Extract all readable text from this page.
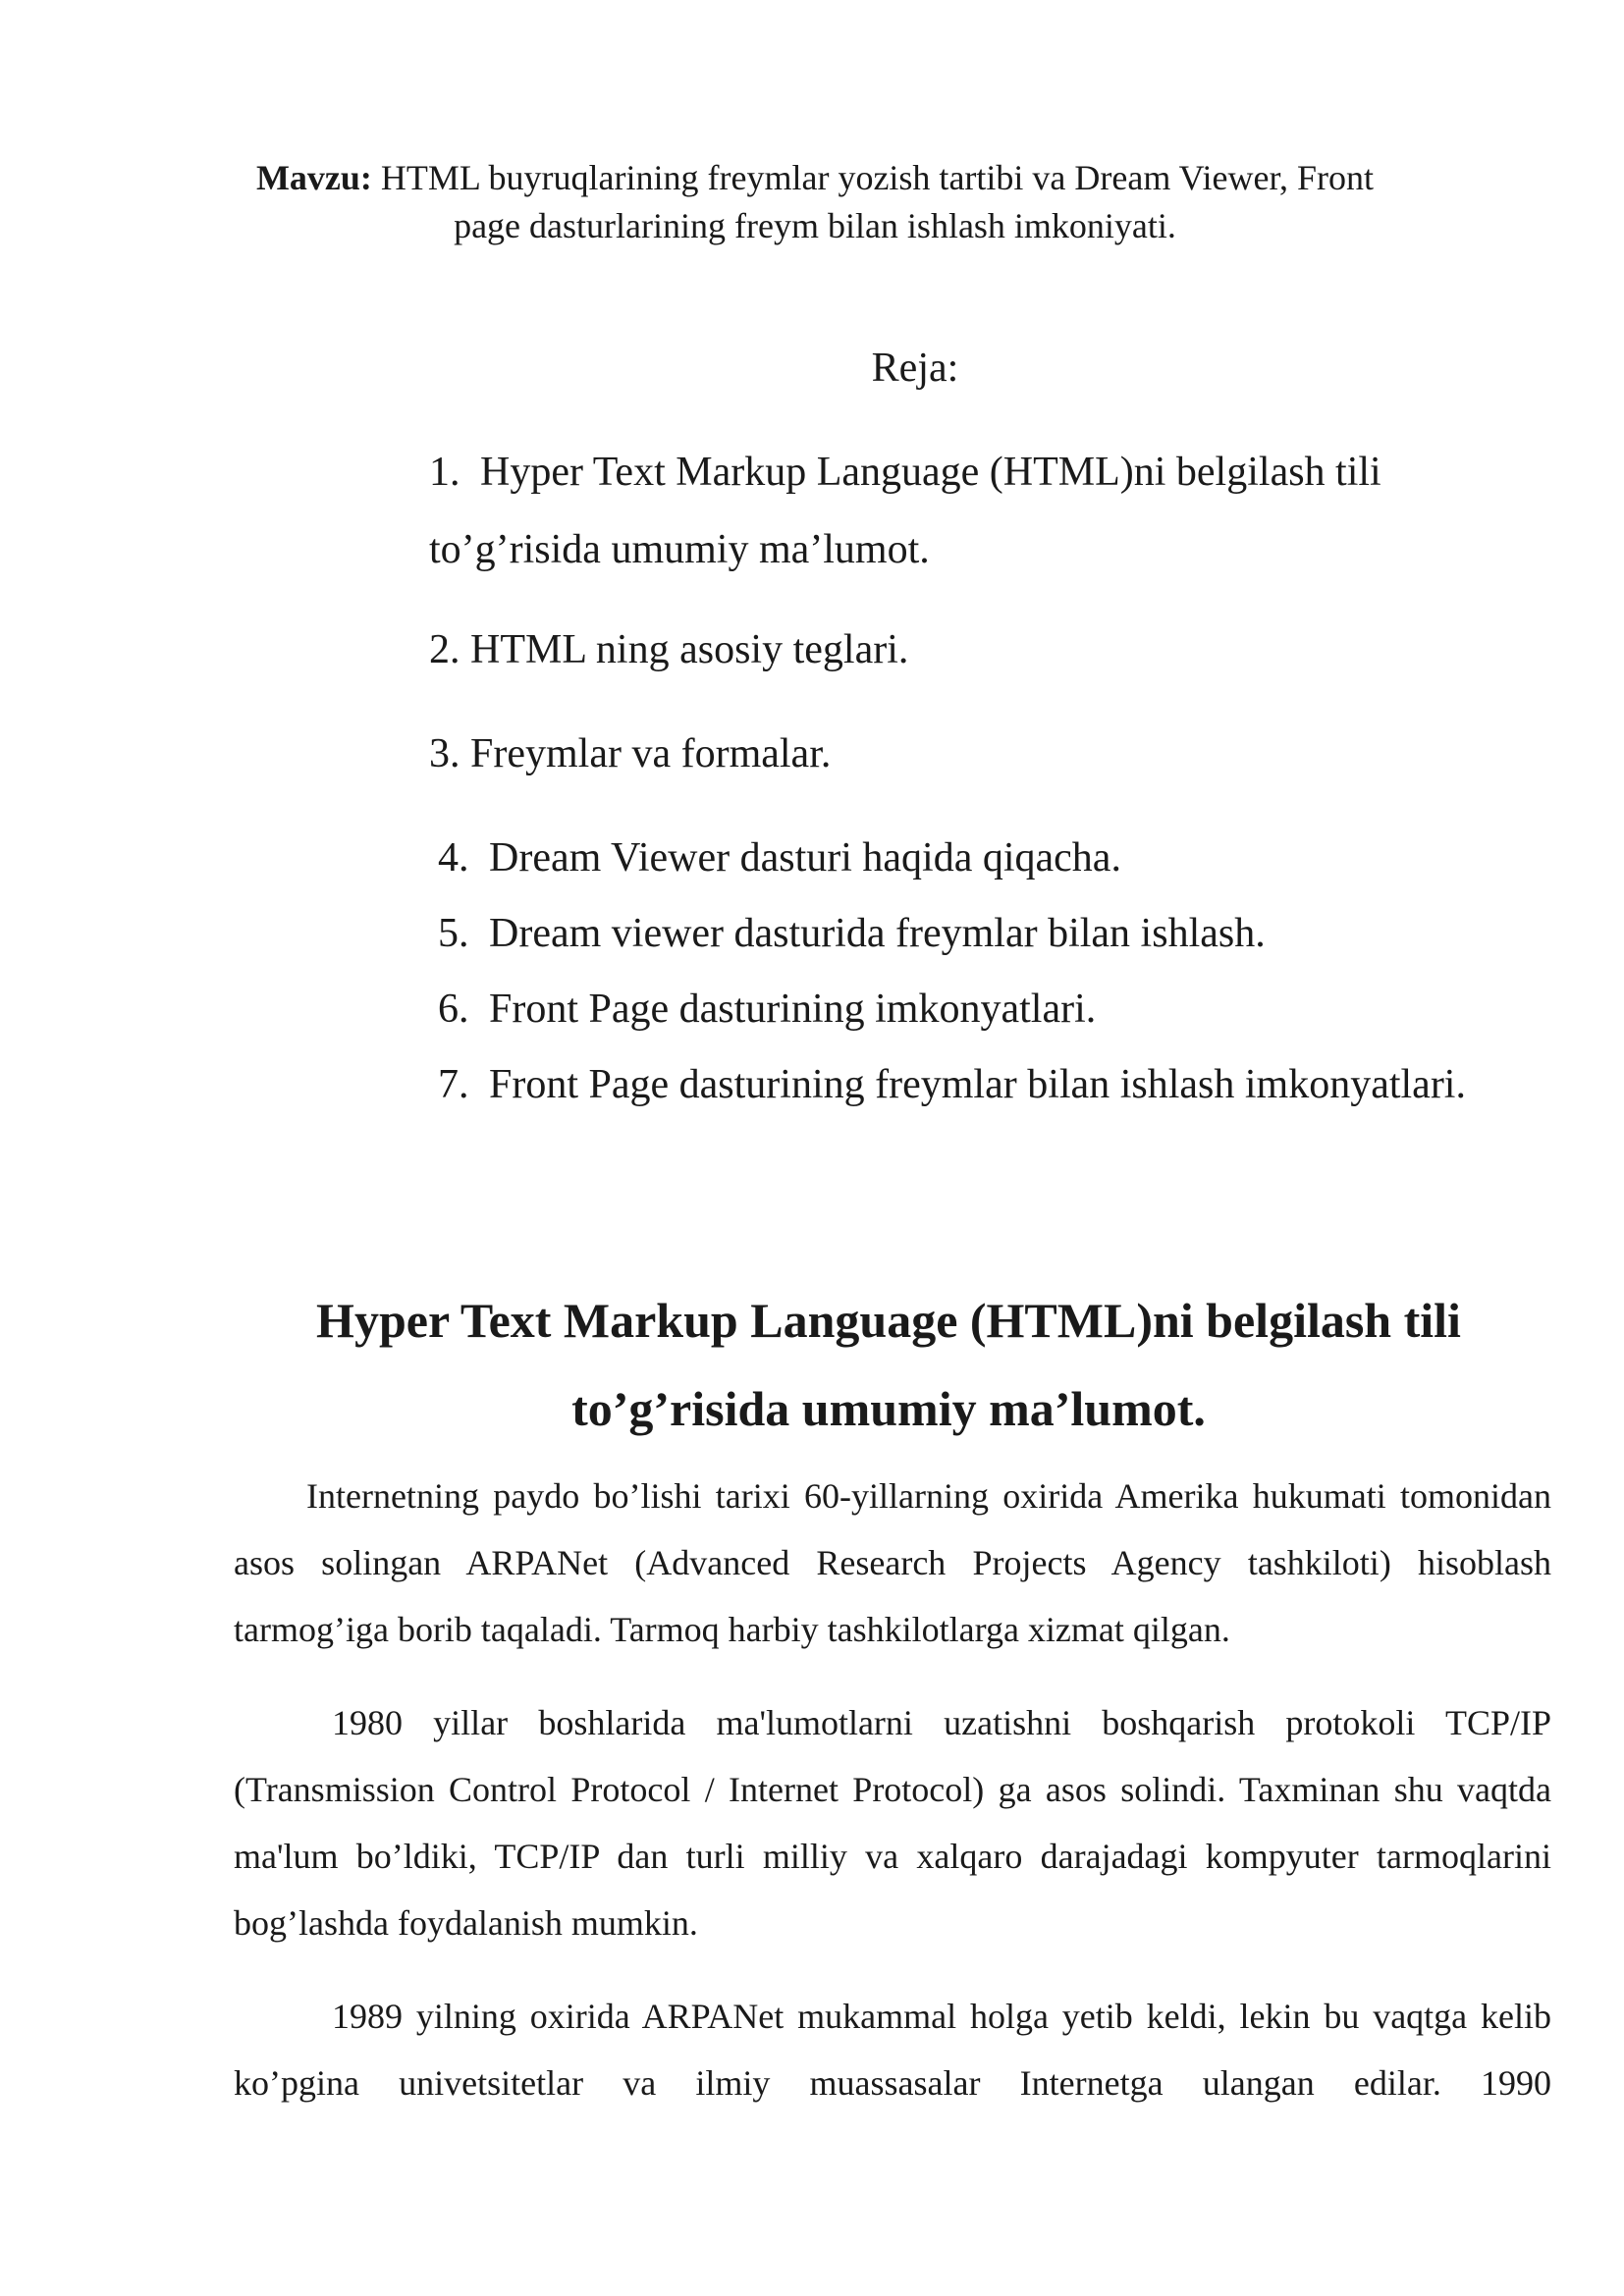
Mavzu: HTML buyruqlarining freymlar yozish tartibi va Dream Viewer, Front page dasturlarining freym bilan ishlash imkoniyati.
Reja:
1. Hyper Text Markup Language (HTML)ni belgilash tili
to’g’risida umumiy ma’lumot.
2. HTML ning asosiy teglari.
3. Freymlar va formalar.
4. Dream Viewer dasturi haqida qiqacha.
5. Dream viewer dasturida freymlar bilan ishlash.
6. Front Page dasturining imkonyatlari.
7. Front Page dasturining freymlar bilan ishlash imkonyatlari.
Hyper Text Markup Language (HTML)ni belgilash tili
to’g’risida umumiy ma’lumot.
Internetning paydo bo’lishi tarixi 60-yillarning oxirida Amerika hukumati tomonidan asos solingan ARPANet (Advanced Research Projects Agency tashkiloti) hisoblash tarmog’iga borib taqaladi. Tarmoq harbiy tashkilotlarga xizmat qilgan.
1980 yillar boshlarida ma'lumotlarni uzatishni boshqarish protokoli TCP/IP (Transmission Control Protocol / Internet Protocol) ga asos solindi. Taxminan shu vaqtda ma'lum bo’ldiki, TCP/IP dan turli milliy va xalqaro darajadagi kompyuter tarmoqlarini bog’lashda foydalanish mumkin.
1989 yilning oxirida ARPANet mukammal holga yetib keldi, lekin bu vaqtga kelib ko’pgina univetsitetlar va ilmiy muassasalar Internetga ulangan edilar. 1990
